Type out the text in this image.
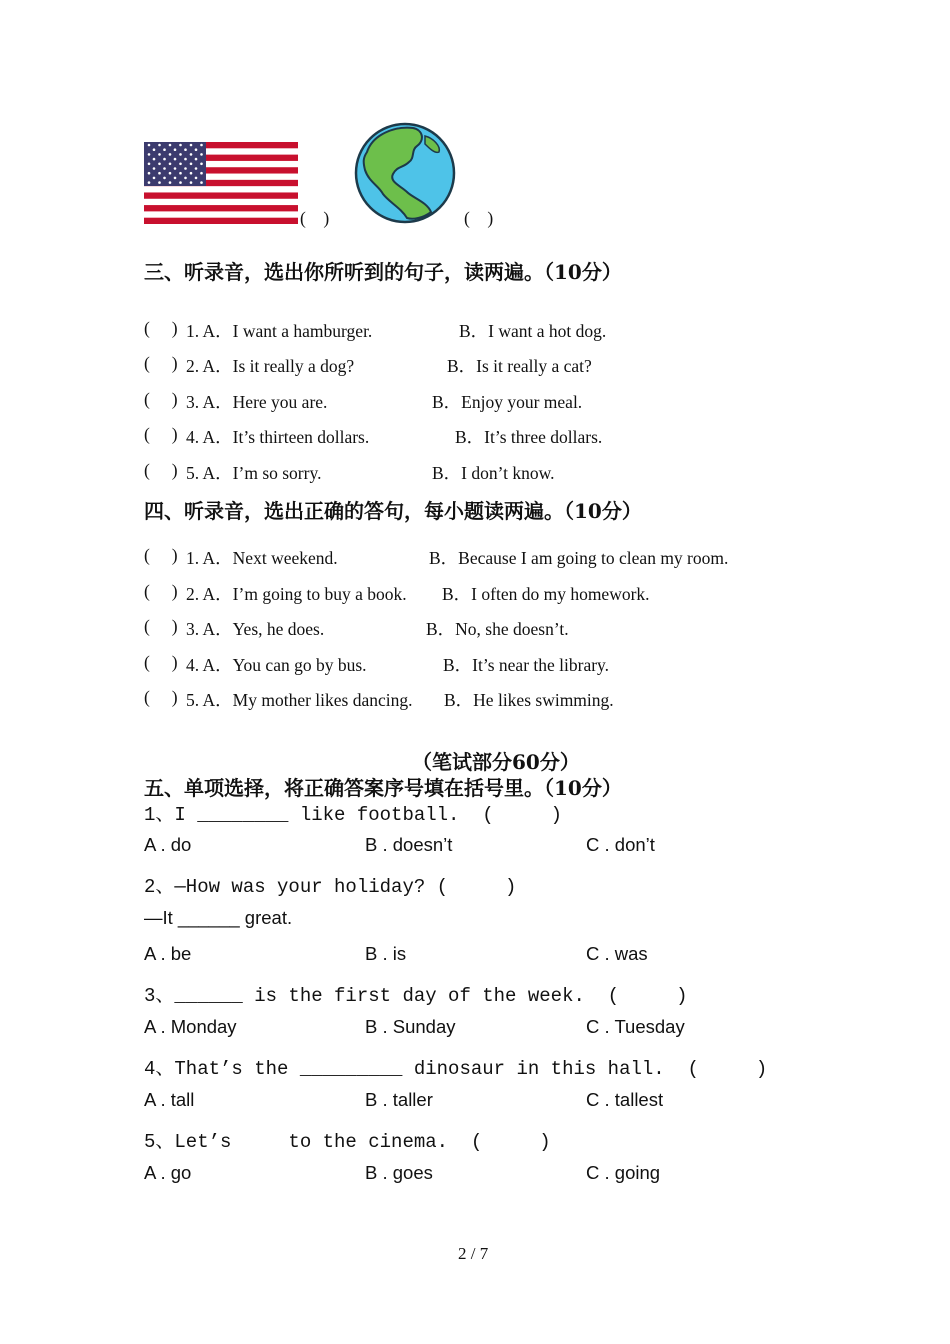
(    )	(    )
三、听录音，选出你所听到的句子，读两遍。（10分）
(     ) 1. A．I want a hamburger.	B．I want a hot dog.
(     ) 2. A．Is it really a dog?	B．Is it really a cat?
(     ) 3. A．Here you are.	B．Enjoy your meal.
(     ) 4. A．It’s thirteen dollars.	B．It’s three dollars.
(     ) 5. A．I’m so sorry.	B．I don’t know.
四、听录音，选出正确的答句，每小题读两遍。（10分）
(     ) 1. A．Next weekend.	B．Because I am going to clean my room.
(     ) 2. A．I’m going to buy a book. B．I often do my homework.
(     ) 3. A．Yes, he does.	B．No, she doesn’t.
(     ) 4. A．You can go by bus.	B．It’s near the library.
(     ) 5. A．My mother likes dancing. B．He likes swimming.
（笔试部分60分）
五、单项选择，将正确答案序号填在括号里。（10分）
1、I ________ like football.  (     )
A . do	B . doesn’t	C . don’t
2、—How was your holiday? (     )
—It ______ great.
A . be	B . is	C . was
3、______ is the first day of the week.  (     )
A . Monday	B . Sunday	C . Tuesday
4、That’s the _________ dinosaur in this hall.  (     )
A . tall	B . taller	C . tallest
5、Let’s     to the cinema.  (     )
A . go	B . goes	C . going
2 / 7
